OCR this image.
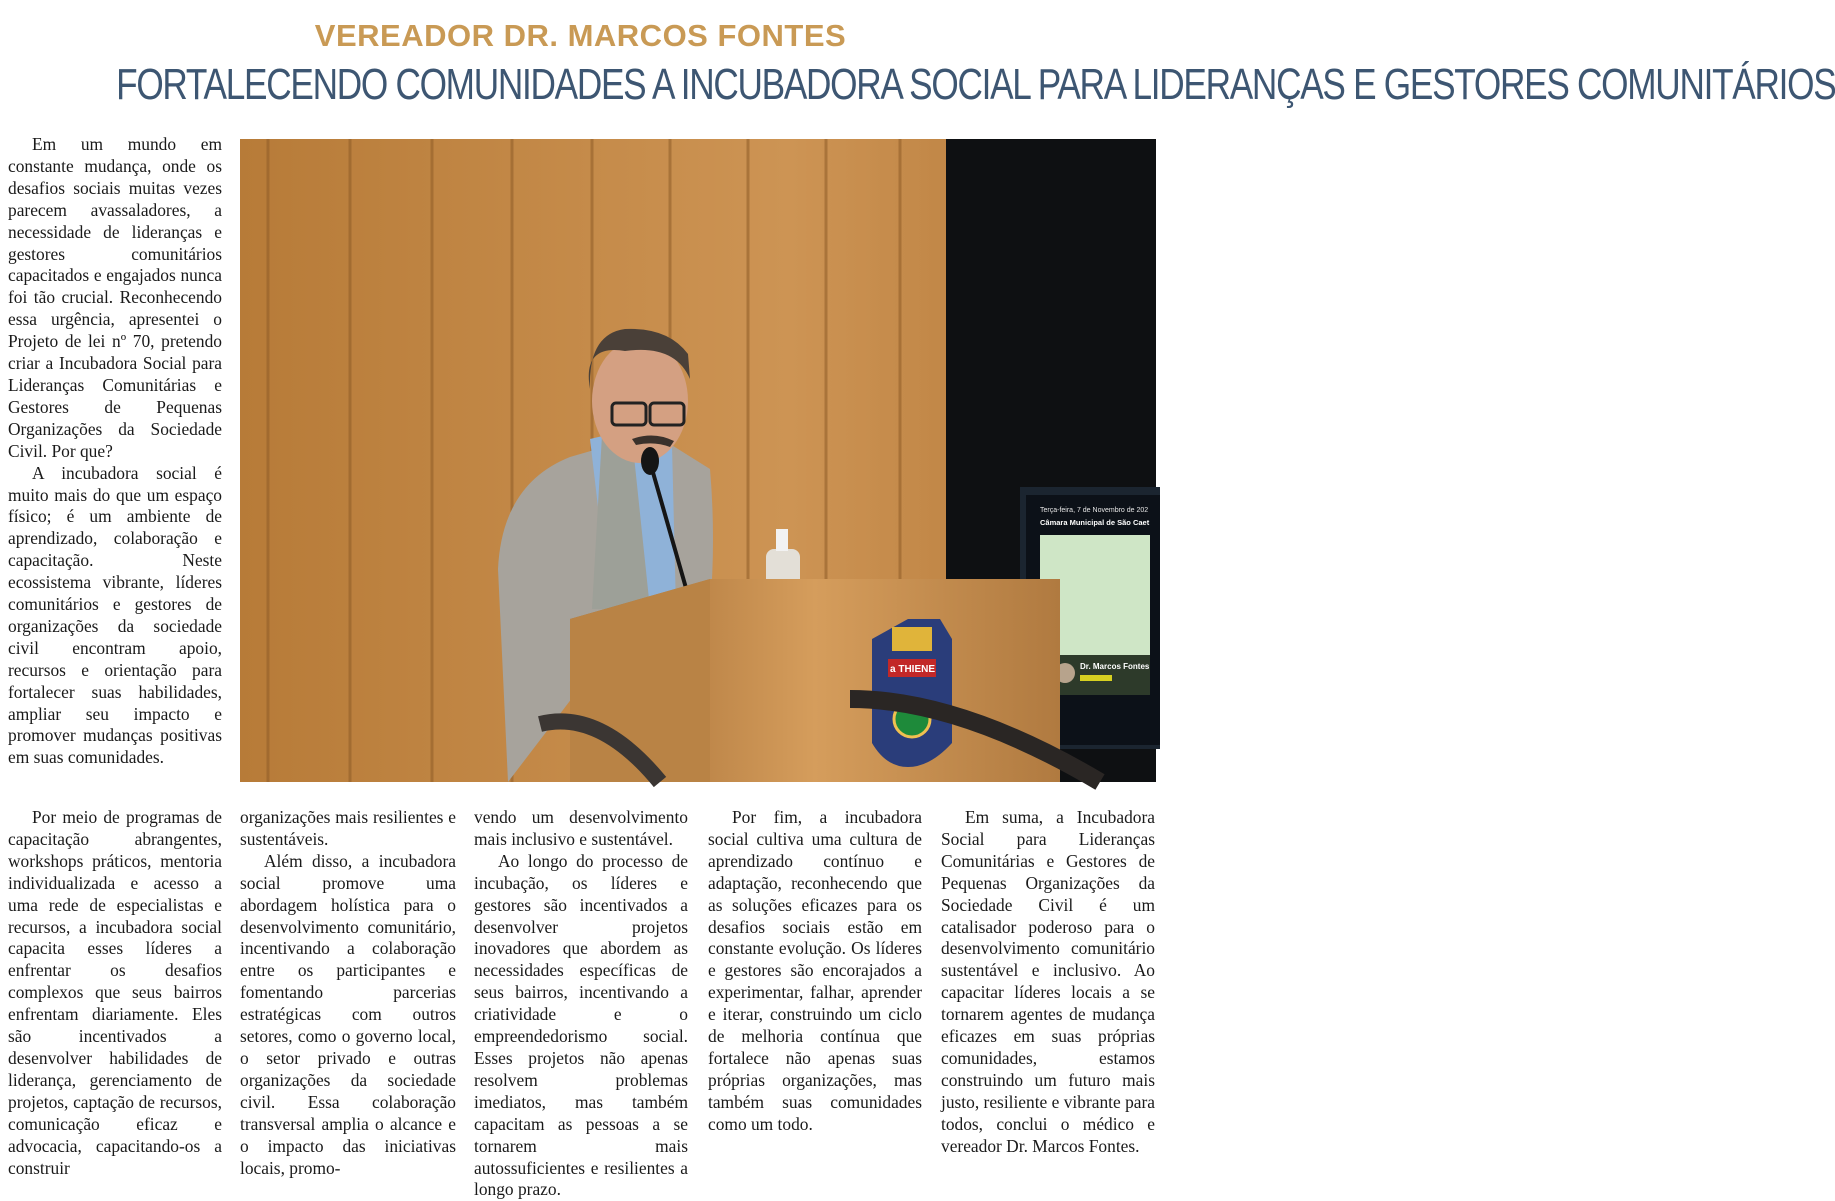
VEREADOR DR. MARCOS FONTES
FORTALECENDO COMUNIDADES A INCUBADORA SOCIAL PARA LIDERANÇAS E GESTORES COMUNITÁRIOS

Em um mundo em constante mudança, onde os desafios sociais muitas vezes parecem avassaladores, a necessidade de lideranças e gestores comunitários capacitados e engajados nunca foi tão crucial. Reconhecendo essa urgência, apresentei o Projeto de lei nº 70, pretendo criar a Incubadora Social para Lideranças Comunitárias e Gestores de Pequenas Organizações da Sociedade Civil. Por que?

A incubadora social é muito mais do que um espaço físico; é um ambiente de aprendizado, colaboração e capacitação. Neste ecossistema vibrante, líderes comunitários e gestores de organizações da sociedade civil encontram apoio, recursos e orientação para fortalecer suas habilidades, ampliar seu impacto e promover mudanças positivas em suas comunidades.

Terça-feira, 7 de Novembro de 202
Câmara Municipal de São Caet
Dr. Marcos Fontes
a THIENE

Por meio de programas de capacitação abrangentes, workshops práticos, mentoria individualizada e acesso a uma rede de especialistas e recursos, a incubadora social capacita esses líderes a enfrentar os desafios complexos que seus bairros enfrentam diariamente. Eles são incentivados a desenvolver habilidades de liderança, gerenciamento de projetos, captação de recursos, comunicação eficaz e advocacia, capacitando-os a construir

organizações mais resilientes e sustentáveis.

Além disso, a incubadora social promove uma abordagem holística para o desenvolvimento comunitário, incentivando a colaboração entre os participantes e fomentando parcerias estratégicas com outros setores, como o governo local, o setor privado e outras organizações da sociedade civil. Essa colaboração transversal amplia o alcance e o impacto das iniciativas locais, promo-

vendo um desenvolvimento mais inclusivo e sustentável.

Ao longo do processo de incubação, os líderes e gestores são incentivados a desenvolver projetos inovadores que abordem as necessidades específicas de seus bairros, incentivando a criatividade e o empreendedorismo social. Esses projetos não apenas resolvem problemas imediatos, mas também capacitam as pessoas a se tornarem mais autossuficientes e resilientes a longo prazo.

Por fim, a incubadora social cultiva uma cultura de aprendizado contínuo e adaptação, reconhecendo que as soluções eficazes para os desafios sociais estão em constante evolução. Os líderes e gestores são encorajados a experimentar, falhar, aprender e iterar, construindo um ciclo de melhoria contínua que fortalece não apenas suas próprias organizações, mas também suas comunidades como um todo.

Em suma, a Incubadora Social para Lideranças Comunitárias e Gestores de Pequenas Organizações da Sociedade Civil é um catalisador poderoso para o desenvolvimento comunitário sustentável e inclusivo. Ao capacitar líderes locais a se tornarem agentes de mudança eficazes em suas próprias comunidades, estamos construindo um futuro mais justo, resiliente e vibrante para todos, conclui o médico e vereador Dr. Marcos Fontes.
